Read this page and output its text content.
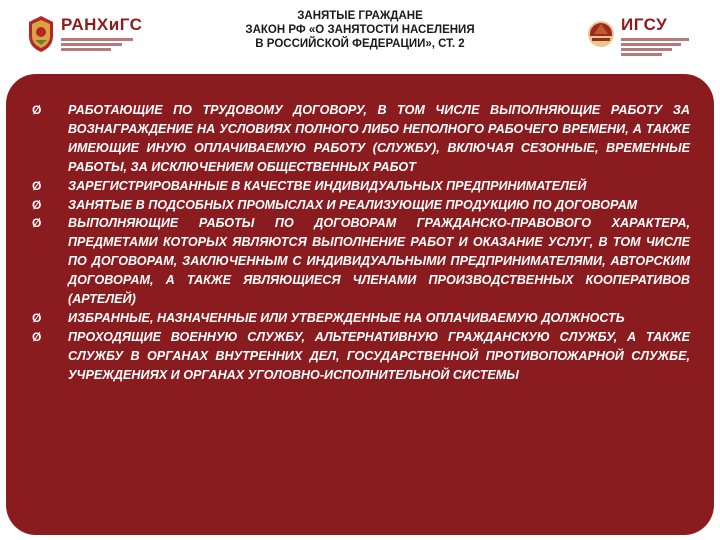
РАНХиГС	ЗАНЯТЫЕ ГРАЖДАНЕ
ЗАКОН РФ «О ЗАНЯТОСТИ НАСЕЛЕНИЯ
В РОССИЙСКОЙ ФЕДЕРАЦИИ», СТ. 2
ИГСУ
Ø РАБОТАЮЩИЕ ПО ТРУДОВОМУ ДОГОВОРУ, В ТОМ ЧИСЛЕ ВЫПОЛНЯЮЩИЕ РАБОТУ ЗА ВОЗНАГРАЖДЕНИЕ НА УСЛОВИЯХ ПОЛНОГО ЛИБО НЕПОЛНОГО РАБОЧЕГО ВРЕМЕНИ, А ТАКЖЕ ИМЕЮЩИЕ ИНУЮ ОПЛАЧИВАЕМУЮ РАБОТУ (СЛУЖБУ), ВКЛЮЧАЯ СЕЗОННЫЕ, ВРЕМЕННЫЕ РАБОТЫ, ЗА ИСКЛЮЧЕНИЕМ ОБЩЕСТВЕННЫХ РАБОТ
Ø ЗАРЕГИСТРИРОВАННЫЕ В КАЧЕСТВЕ ИНДИВИДУАЛЬНЫХ ПРЕДПРИНИМАТЕЛЕЙ
Ø ЗАНЯТЫЕ В ПОДСОБНЫХ ПРОМЫСЛАХ И РЕАЛИЗУЮЩИЕ ПРОДУКЦИЮ ПО ДОГОВОРАМ
Ø ВЫПОЛНЯЮЩИЕ РАБОТЫ ПО ДОГОВОРАМ ГРАЖДАНСКО-ПРАВОВОГО ХАРАКТЕРА, ПРЕДМЕТАМИ КОТОРЫХ ЯВЛЯЮТСЯ ВЫПОЛНЕНИЕ РАБОТ И ОКАЗАНИЕ УСЛУГ, В ТОМ ЧИСЛЕ ПО ДОГОВОРАМ, ЗАКЛЮЧЕННЫМ С ИНДИВИДУАЛЬНЫМИ ПРЕДПРИНИМАТЕЛЯМИ, АВТОРСКИМ ДОГОВОРАМ, А ТАКЖЕ ЯВЛЯЮЩИЕСЯ ЧЛЕНАМИ ПРОИЗВОДСТВЕННЫХ КООПЕРАТИВОВ (АРТЕЛЕЙ)
Ø ИЗБРАННЫЕ, НАЗНАЧЕННЫЕ ИЛИ УТВЕРЖДЕННЫЕ НА ОПЛАЧИВАЕМУЮ ДОЛЖНОСТЬ
Ø ПРОХОДЯЩИЕ ВОЕННУЮ СЛУЖБУ, АЛЬТЕРНАТИВНУЮ ГРАЖДАНСКУЮ СЛУЖБУ, А ТАКЖЕ СЛУЖБУ В ОРГАНАХ ВНУТРЕННИХ ДЕЛ, ГОСУДАРСТВЕННОЙ ПРОТИВОПОЖАРНОЙ СЛУЖБЕ, УЧРЕЖДЕНИЯХ И ОРГАНАХ УГОЛОВНО-ИСПОЛНИТЕЛЬНОЙ СИСТЕМЫ
